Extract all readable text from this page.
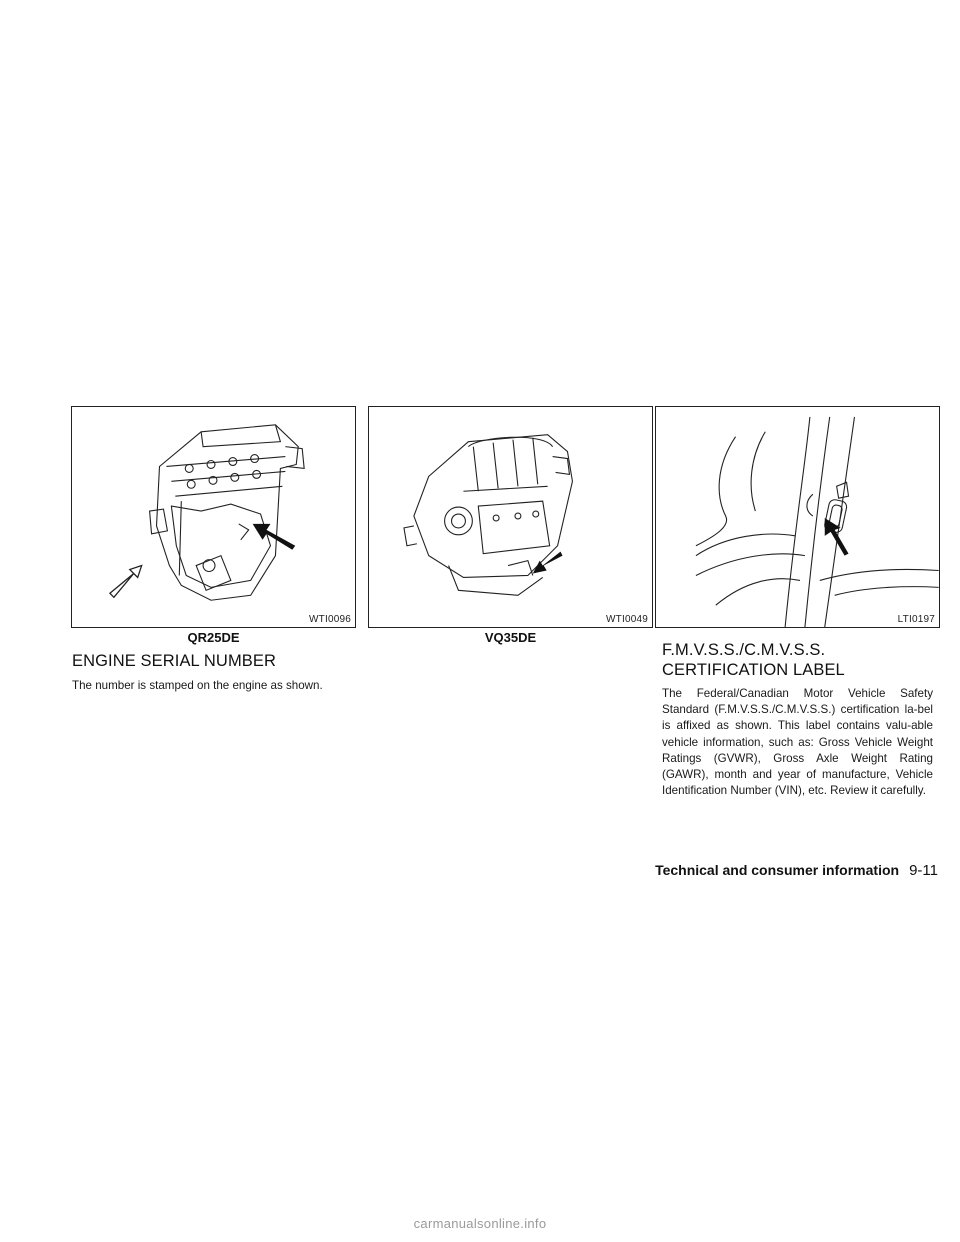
WTI0096
QR25DE
WTI0049
VQ35DE
LTI0197
ENGINE SERIAL NUMBER

The number is stamped on the engine as shown.

F.M.V.S.S./C.M.V.S.S.
CERTIFICATION LABEL

The Federal/Canadian Motor Vehicle Safety Standard (F.M.V.S.S./C.M.V.S.S.) certification la-bel is affixed as shown. This label contains valu-able vehicle information, such as: Gross Vehicle Weight Ratings (GVWR), Gross Axle Weight Rating (GAWR), month and year of manufacture, Vehicle Identification Number (VIN), etc. Review it carefully.

Technical and consumer information 9-11
carmanualsonline.info
